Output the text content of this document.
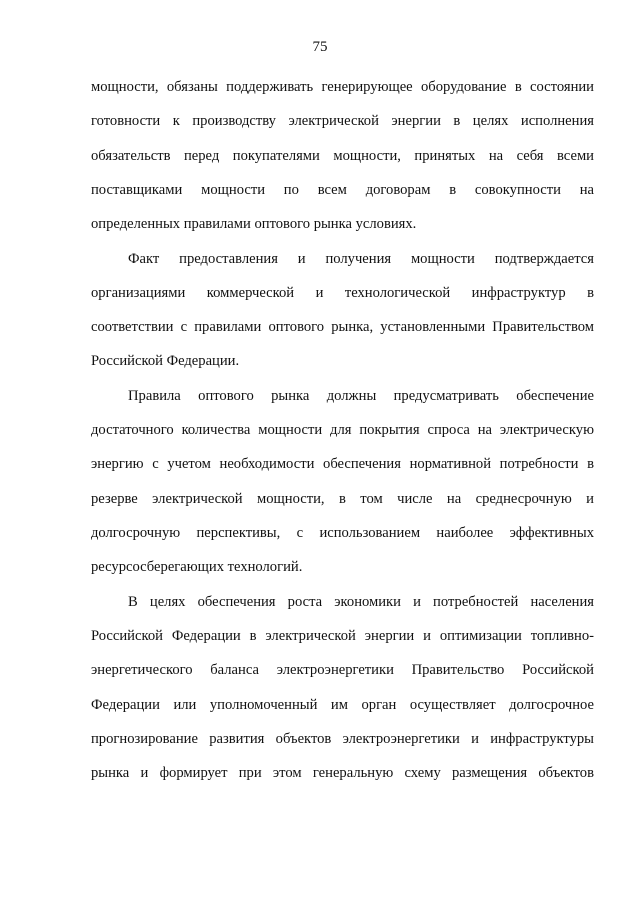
75
мощности, обязаны поддерживать генерирующее оборудование в состоянии
готовности к производству электрической энергии в целях исполнения
обязательств перед покупателями мощности, принятых на себя всеми
поставщиками мощности по всем договорам в совокупности на
определенных правилами оптового рынка условиях.
Факт предоставления и получения мощности подтверждается
организациями коммерческой и технологической инфраструктур в
соответствии с правилами оптового рынка, установленными Правительством
Российской Федерации.
Правила оптового рынка должны предусматривать обеспечение
достаточного количества мощности для покрытия спроса на электрическую
энергию с учетом необходимости обеспечения нормативной потребности в
резерве электрической мощности, в том числе на среднесрочную и
долгосрочную перспективы, с использованием наиболее эффективных
ресурсосберегающих технологий.
В целях обеспечения роста экономики и потребностей населения
Российской Федерации в электрической энергии и оптимизации топливно-
энергетического баланса электроэнергетики Правительство Российской
Федерации или уполномоченный им орган осуществляет долгосрочное
прогнозирование развития объектов электроэнергетики и инфраструктуры
рынка и формирует при этом генеральную схему размещения объектов
